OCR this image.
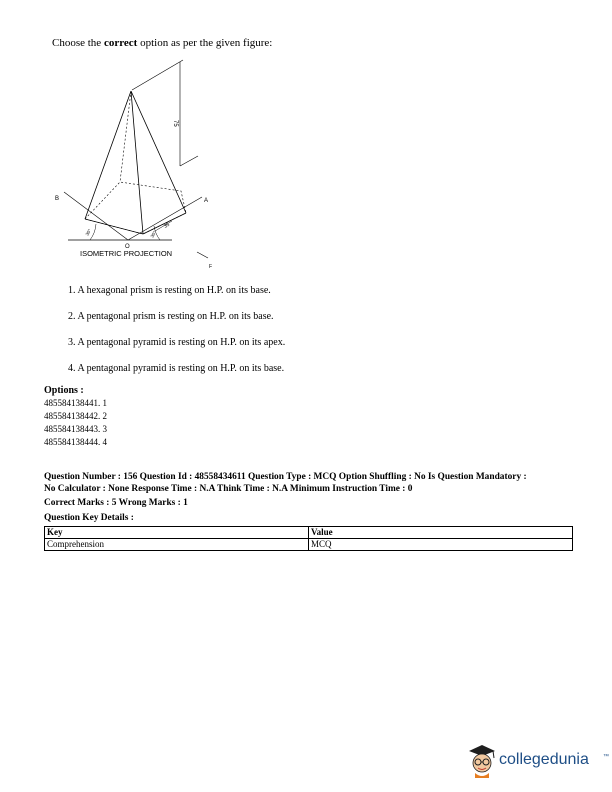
Choose the correct option as per the given figure:
75
B	A
O
F
35
30°	30°
ISOMETRIC PROJECTION
1. A hexagonal prism is resting on H.P. on its base.
2. A pentagonal prism is resting on H.P. on its base.
3. A pentagonal pyramid is resting on H.P. on its apex.
4. A pentagonal pyramid is resting on H.P. on its base.
Options :
485584138441. 1
485584138442. 2
485584138443. 3
485584138444. 4
Question Number : 156 Question Id : 48558434611 Question Type : MCQ Option Shuffling : No Is Question Mandatory :
No Calculator : None Response Time : N.A Think Time : N.A Minimum Instruction Time : 0
Correct Marks : 5 Wrong Marks : 1
Question Key Details :
Key	Value
Comprehension	MCQ
collegedunia ™
